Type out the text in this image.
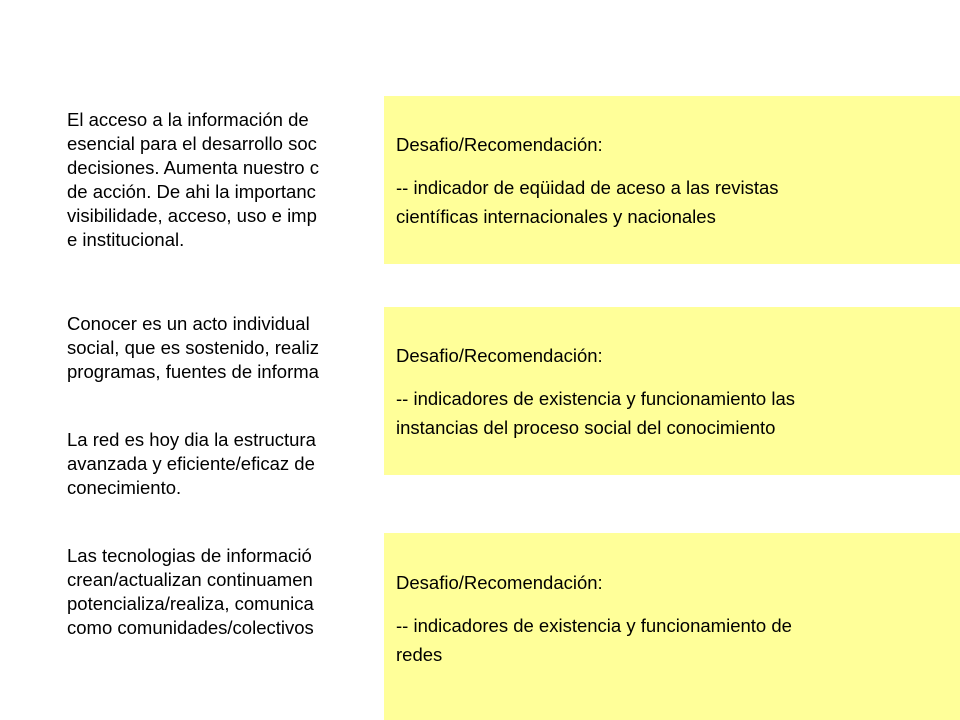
El acceso a la información de
esencial para el desarrollo soc
decisiones. Aumenta nuestro c
de acción. De ahi la importanc
visibilidade, acceso, uso e imp
e institucional.
Conocer es un acto individual
social, que es sostenido, realiz
programas, fuentes de informa
La red es hoy dia la estructura
avanzada y eficiente/eficaz de
conecimiento.
Las tecnologias de informació
crean/actualizan continuamen
potencializa/realiza, comunica
como comunidades/colectivos

Desafio/Recomendación:

-- indicador de eqüidad de aceso a las revistas

científicas internacionales y nacionales

Desafio/Recomendación:

-- indicadores de existencia y funcionamiento las

instancias del proceso social del conocimiento

Desafio/Recomendación:

-- indicadores de existencia y funcionamiento de

redes
